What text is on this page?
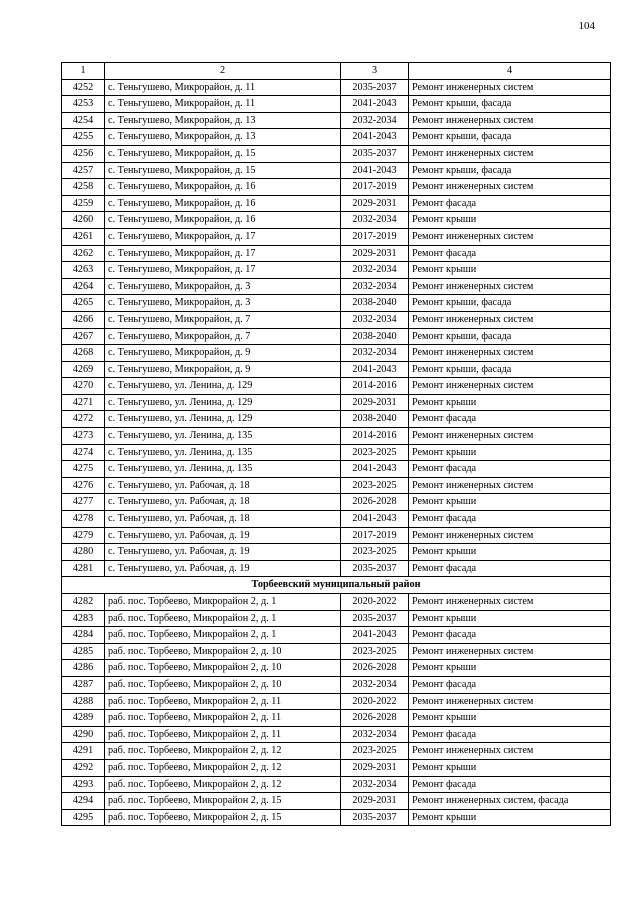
104
1	2	3	4
4252	с. Теньгушево, Микрорайон, д. 11	2035-2037	Ремонт инженерных систем
4253	с. Теньгушево, Микрорайон, д. 11	2041-2043	Ремонт крыши, фасада
4254	с. Теньгушево, Микрорайон, д. 13	2032-2034	Ремонт инженерных систем
4255	с. Теньгушево, Микрорайон, д. 13	2041-2043	Ремонт крыши, фасада
4256	с. Теньгушево, Микрорайон, д. 15	2035-2037	Ремонт инженерных систем
4257	с. Теньгушево, Микрорайон, д. 15	2041-2043	Ремонт крыши, фасада
4258	с. Теньгушево, Микрорайон, д. 16	2017-2019	Ремонт инженерных систем
4259	с. Теньгушево, Микрорайон, д. 16	2029-2031	Ремонт фасада
4260	с. Теньгушево, Микрорайон, д. 16	2032-2034	Ремонт крыши
4261	с. Теньгушево, Микрорайон, д. 17	2017-2019	Ремонт инженерных систем
4262	с. Теньгушево, Микрорайон, д. 17	2029-2031	Ремонт фасада
4263	с. Теньгушево, Микрорайон, д. 17	2032-2034	Ремонт крыши
4264	с. Теньгушево, Микрорайон, д. 3	2032-2034	Ремонт инженерных систем
4265	с. Теньгушево, Микрорайон, д. 3	2038-2040	Ремонт крыши, фасада
4266	с. Теньгушево, Микрорайон, д. 7	2032-2034	Ремонт инженерных систем
4267	с. Теньгушево, Микрорайон, д. 7	2038-2040	Ремонт крыши, фасада
4268	с. Теньгушево, Микрорайон, д. 9	2032-2034	Ремонт инженерных систем
4269	с. Теньгушево, Микрорайон, д. 9	2041-2043	Ремонт крыши, фасада
4270	с. Теньгушево, ул. Ленина, д. 129	2014-2016	Ремонт инженерных систем
4271	с. Теньгушево, ул. Ленина, д. 129	2029-2031	Ремонт крыши
4272	с. Теньгушево, ул. Ленина, д. 129	2038-2040	Ремонт фасада
4273	с. Теньгушево, ул. Ленина, д. 135	2014-2016	Ремонт инженерных систем
4274	с. Теньгушево, ул. Ленина, д. 135	2023-2025	Ремонт крыши
4275	с. Теньгушево, ул. Ленина, д. 135	2041-2043	Ремонт фасада
4276	с. Теньгушево, ул. Рабочая, д. 18	2023-2025	Ремонт инженерных систем
4277	с. Теньгушево, ул. Рабочая, д. 18	2026-2028	Ремонт крыши
4278	с. Теньгушево, ул. Рабочая, д. 18	2041-2043	Ремонт фасада
4279	с. Теньгушево, ул. Рабочая, д. 19	2017-2019	Ремонт инженерных систем
4280	с. Теньгушево, ул. Рабочая, д. 19	2023-2025	Ремонт крыши
4281	с. Теньгушево, ул. Рабочая, д. 19	2035-2037	Ремонт фасада
Торбеевский муниципальный район			
4282	раб. пос. Торбеево, Микрорайон 2, д. 1	2020-2022	Ремонт инженерных систем
4283	раб. пос. Торбеево, Микрорайон 2, д. 1	2035-2037	Ремонт крыши
4284	раб. пос. Торбеево, Микрорайон 2, д. 1	2041-2043	Ремонт фасада
4285	раб. пос. Торбеево, Микрорайон 2, д. 10	2023-2025	Ремонт инженерных систем
4286	раб. пос. Торбеево, Микрорайон 2, д. 10	2026-2028	Ремонт крыши
4287	раб. пос. Торбеево, Микрорайон 2, д. 10	2032-2034	Ремонт фасада
4288	раб. пос. Торбеево, Микрорайон 2, д. 11	2020-2022	Ремонт инженерных систем
4289	раб. пос. Торбеево, Микрорайон 2, д. 11	2026-2028	Ремонт крыши
4290	раб. пос. Торбеево, Микрорайон 2, д. 11	2032-2034	Ремонт фасада
4291	раб. пос. Торбеево, Микрорайон 2, д. 12	2023-2025	Ремонт инженерных систем
4292	раб. пос. Торбеево, Микрорайон 2, д. 12	2029-2031	Ремонт крыши
4293	раб. пос. Торбеево, Микрорайон 2, д. 12	2032-2034	Ремонт фасада
4294	раб. пос. Торбеево, Микрорайон 2, д. 15	2029-2031	Ремонт инженерных систем, фасада
4295	раб. пос. Торбеево, Микрорайон 2, д. 15	2035-2037	Ремонт крыши
